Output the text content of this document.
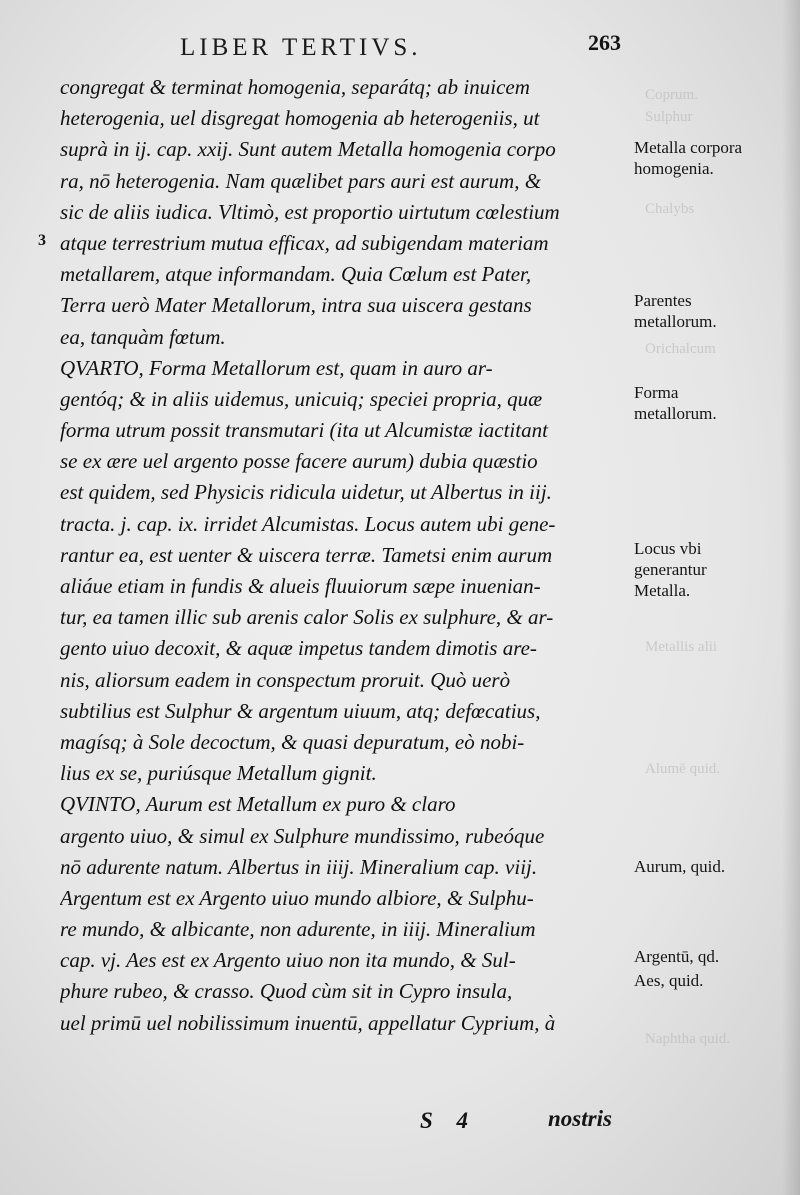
LIBER TERTIVS.	263
3
congregat & terminat homogenia, separátq; ab inuicem
heterogenia, uel disgregat homogenia ab heterogeniis, ut
suprà in ij. cap. xxij. Sunt autem Metalla homogenia corpo
ra, nō heterogenia. Nam quælibet pars auri est aurum, &
sic de aliis iudica. Vltimò, est proportio uirtutum cœlestium
atque terrestrium mutua efficax, ad subigendam materiam
metallarem, atque informandam. Quia Cœlum est Pater,
Terra uerò Mater Metallorum, intra sua uiscera gestans
ea, tanquàm fœtum.
QVARTO, Forma Metallorum est, quam in auro ar-
gentóq; & in aliis uidemus, unicuiq; speciei propria, quæ
forma utrum possit transmutari (ita ut Alcumistæ iactitant
se ex ære uel argento posse facere aurum) dubia quæstio
est quidem, sed Physicis ridicula uidetur, ut Albertus in iij.
tracta. j. cap. ix. irridet Alcumistas. Locus autem ubi gene-
rantur ea, est uenter & uiscera terræ. Tametsi enim aurum
aliáue etiam in fundis & alueis fluuiorum sæpe inuenian-
tur, ea tamen illic sub arenis calor Solis ex sulphure, & ar-
gento uiuo decoxit, & aquæ impetus tandem dimotis are-
nis, aliorsum eadem in conspectum proruit. Quò uerò
subtilius est Sulphur & argentum uiuum, atq; defœcatius,
magísq; à Sole decoctum, & quasi depuratum, eò nobi-
lius ex se, puriúsque Metallum gignit.
QVINTO, Aurum est Metallum ex puro & claro
argento uiuo, & simul ex Sulphure mundissimo, rubeóque
nō adurente natum. Albertus in iiij. Mineralium cap. viij.
Argentum est ex Argento uiuo mundo albiore, & Sulphu-
re mundo, & albicante, non adurente, in iiij. Mineralium
cap. vj. Aes est ex Argento uiuo non ita mundo, & Sul-
phure rubeo, & crasso. Quod cùm sit in Cypro insula,
uel primū uel nobilissimum inuentū, appellatur Cyprium, à
Coprum.
Sulphur
Chalybs
Orichalcum
Metallis alii
Alumē quid.
Naphtha quid.
Metalla corpora homogenia.
Parentes metallorum.
Forma metallorum.
Locus vbi generantur Metalla.
Aurum, quid.
Argentū, qd.
Aes, quid.
S 4	nostris
